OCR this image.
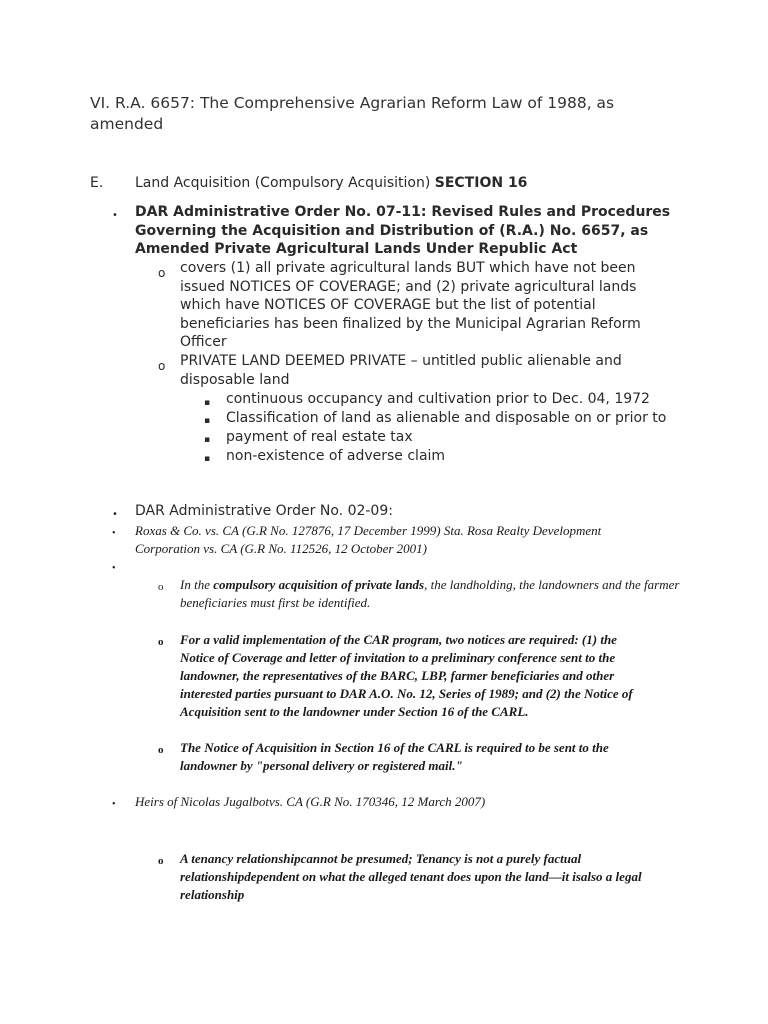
VI. R.A. 6657: The Comprehensive Agrarian Reform Law of 1988, as amended
E. Land Acquisition (Compulsory Acquisition) SECTION 16
• DAR Administrative Order No. 07-11: Revised Rules and Procedures Governing the Acquisition and Distribution of (R.A.) No. 6657, as Amended Private Agricultural Lands Under Republic Act
o covers (1) all private agricultural lands BUT which have not been issued NOTICES OF COVERAGE; and (2) private agricultural lands which have NOTICES OF COVERAGE but the list of potential beneficiaries has been finalized by the Municipal Agrarian Reform Officer
o PRIVATE LAND DEEMED PRIVATE – untitled public alienable and disposable land
▪ continuous occupancy and cultivation prior to Dec. 04, 1972
▪ Classification of land as alienable and disposable on or prior to
▪ payment of real estate tax
▪ non-existence of adverse claim
• DAR Administrative Order No. 02-09:
• Roxas & Co. vs. CA (G.R No. 127876, 17 December 1999) Sta. Rosa Realty Development Corporation vs. CA (G.R No. 112526, 12 October 2001)
•
o In the compulsory acquisition of private lands, the landholding, the landowners and the farmer beneficiaries must first be identified.
o For a valid implementation of the CAR program, two notices are required: (1) the Notice of Coverage and letter of invitation to a preliminary conference sent to the landowner, the representatives of the BARC, LBP, farmer beneficiaries and other interested parties pursuant to DAR A.O. No. 12, Series of 1989; and (2) the Notice of Acquisition sent to the landowner under Section 16 of the CARL.
o The Notice of Acquisition in Section 16 of the CARL is required to be sent to the landowner by "personal delivery or registered mail."
• Heirs of Nicolas Jugalbotvs. CA (G.R No. 170346, 12 March 2007)
o A tenancy relationshipcannot be presumed; Tenancy is not a purely factual relationshipdependent on what the alleged tenant does upon the land—it isalso a legal relationship
